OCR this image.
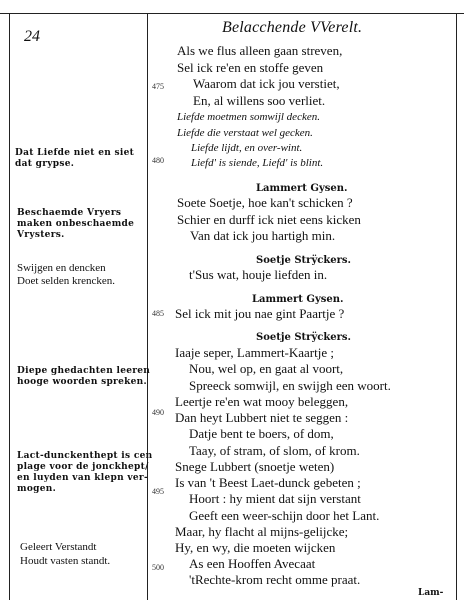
24
Belacchende VVerelt.
Dat Liefde niet en siet
dat grypse.
Beschaemde Vryers
maken onbeschaemde
Vrysters.
Swijgen en dencken
Doet selden krencken.
Diepe ghedachten leeren
hooge woorden spreken.
Lact-dunckenthept is cen
plage voor de jonckhept/
en luyden van klepn ver-
mogen.
Geleert Verstandt
Houdt vasten standt.
475
480
485
490
495
500
Als we flus alleen gaan streven,
Sel ick re'en en stoffe geven
Waarom dat ick jou verstiet,
En, al willens soo verliet.
Liefde moetmen somwijl decken.
Liefde die verstaat wel gecken.
Liefde lijdt, en over-wint.
Liefd' is siende, Liefd' is blint.
Lammert Gysen.
Soete Soetje, hoe kan't schicken ?
Schier en durff ick niet eens kicken
Van dat ick jou hartigh min.
Soetje Strÿckers.
t'Sus wat, houje liefden in.
Lammert Gysen.
Sel ick mit jou nae gint Paartje ?
Soetje Strÿckers.
Iaaje seper, Lammert-Kaartje ;
Nou, wel op, en gaat al voort,
Spreeck somwijl, en swijgh een woort.
Leertje re'en wat mooy beleggen,
Dan heyt Lubbert niet te seggen :
Datje bent te boers, of dom,
Taay, of stram, of slom, of krom.
Snege Lubbert (snoetje weten)
Is van 't Beest Laet-dunck gebeten ;
Hoort : hy mient dat sijn verstant
Geeft een weer-schijn door het Lant.
Maar, hy flacht al mijns-gelijcke;
Hy, en wy, die moeten wijcken
As een Hooffen Avecaat
'tRechte-krom recht omme praat.
Lam-
